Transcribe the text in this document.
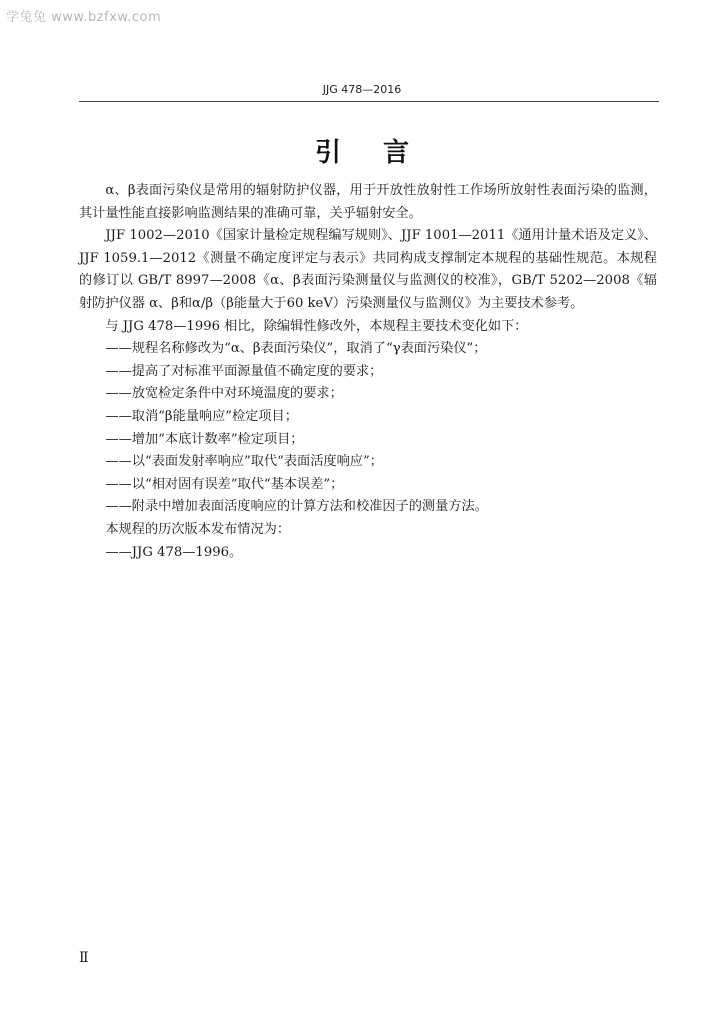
学兔兔 www.bzfxw.com
JJG 478—2016
引言

α、β表面污染仪是常用的辐射防护仪器，用于开放性放射性工作场所放射性表面污染的监测，其计量性能直接影响监测结果的准确可靠，关乎辐射安全。

JJF 1002—2010《国家计量检定规程编写规则》、JJF 1001—2011《通用计量术语及定义》、JJF 1059.1—2012《测量不确定度评定与表示》共同构成支撑制定本规程的基础性规范。本规程的修订以 GB/T 8997—2008《α、β表面污染测量仪与监测仪的校准》，GB/T 5202—2008《辐射防护仪器 α、β和α/β（β能量大于60 keV）污染测量仪与监测仪》为主要技术参考。

与 JJG 478—1996 相比，除编辑性修改外，本规程主要技术变化如下：

——规程名称修改为“α、β表面污染仪”，取消了“γ表面污染仪”；

——提高了对标准平面源量值不确定度的要求；

——放宽检定条件中对环境温度的要求；

——取消“β能量响应”检定项目；

——增加“本底计数率”检定项目；

——以“表面发射率响应”取代“表面活度响应”；

——以“相对固有误差”取代“基本误差”；

——附录中增加表面活度响应的计算方法和校准因子的测量方法。

本规程的历次版本发布情况为：

——JJG 478—1996。

Ⅱ
